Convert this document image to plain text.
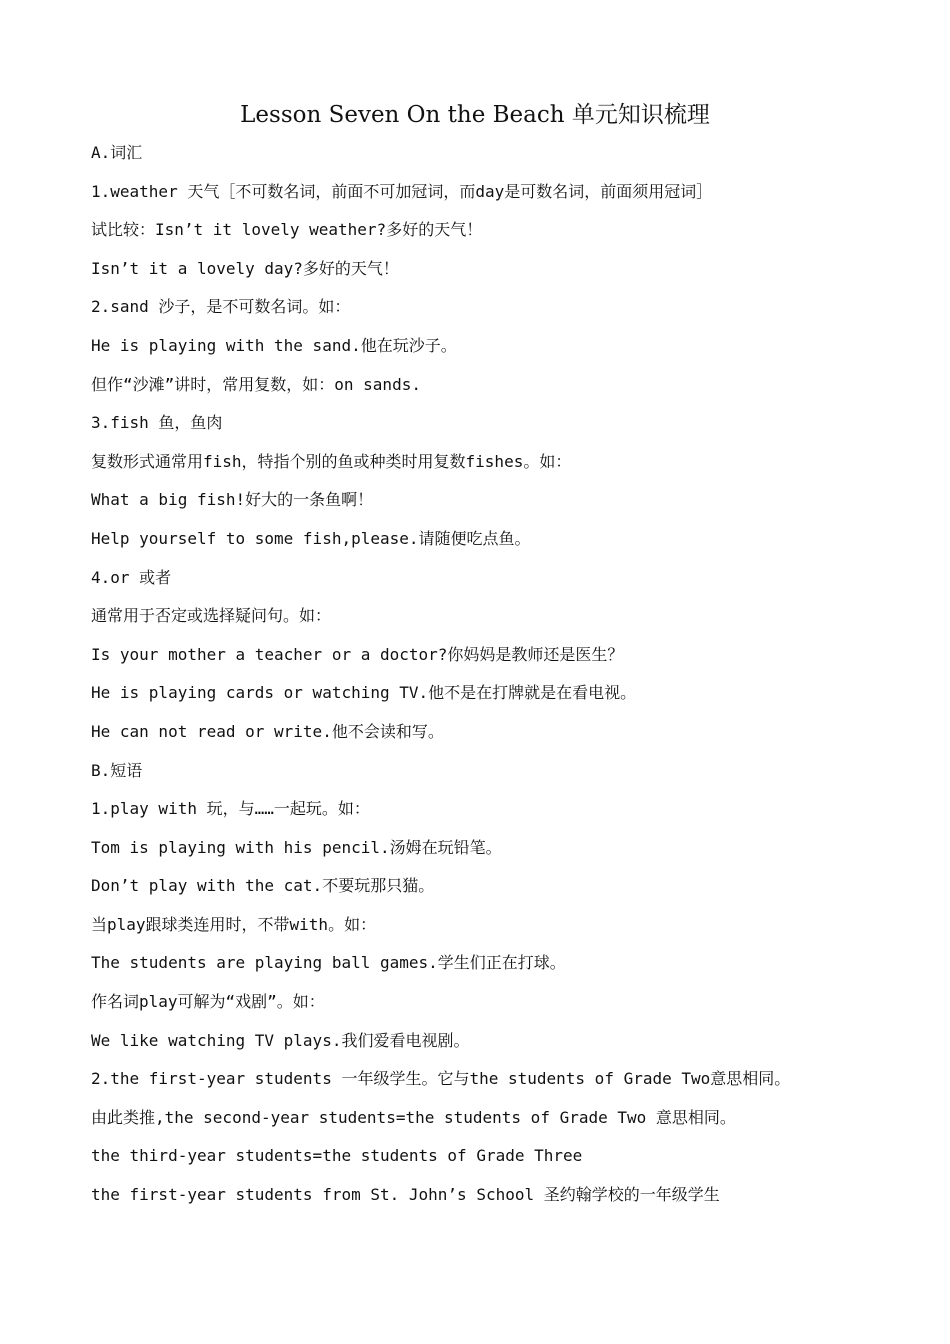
Lesson Seven On the Beach 单元知识梳理
A.词汇
1.weather 天气［不可数名词，前面不可加冠词，而day是可数名词，前面须用冠词］
试比较：Isn’t it lovely weather?多好的天气！
Isn’t it a lovely day?多好的天气！
2.sand 沙子，是不可数名词。如：
He is playing with the sand.他在玩沙子。
但作“沙滩”讲时，常用复数，如：on sands.
3.fish 鱼，鱼肉
复数形式通常用fish，特指个别的鱼或种类时用复数fishes。如：
What a big fish!好大的一条鱼啊！
Help yourself to some fish,please.请随便吃点鱼。
4.or 或者
通常用于否定或选择疑问句。如：
Is your mother a teacher or a doctor?你妈妈是教师还是医生？
He is playing cards or watching TV.他不是在打牌就是在看电视。
He can not read or write.他不会读和写。
B.短语
1.play with 玩，与……一起玩。如：
Tom is playing with his pencil.汤姆在玩铅笔。
Don’t play with the cat.不要玩那只猫。
当play跟球类连用时，不带with。如：
The students are playing ball games.学生们正在打球。
作名词play可解为“戏剧”。如：
We like watching TV plays.我们爱看电视剧。
2.the first-year students 一年级学生。它与the students of Grade Two意思相同。
由此类推,the second-year students=the students of Grade Two 意思相同。
the third-year students=the students of Grade Three
the first-year students from St. John’s School 圣约翰学校的一年级学生
